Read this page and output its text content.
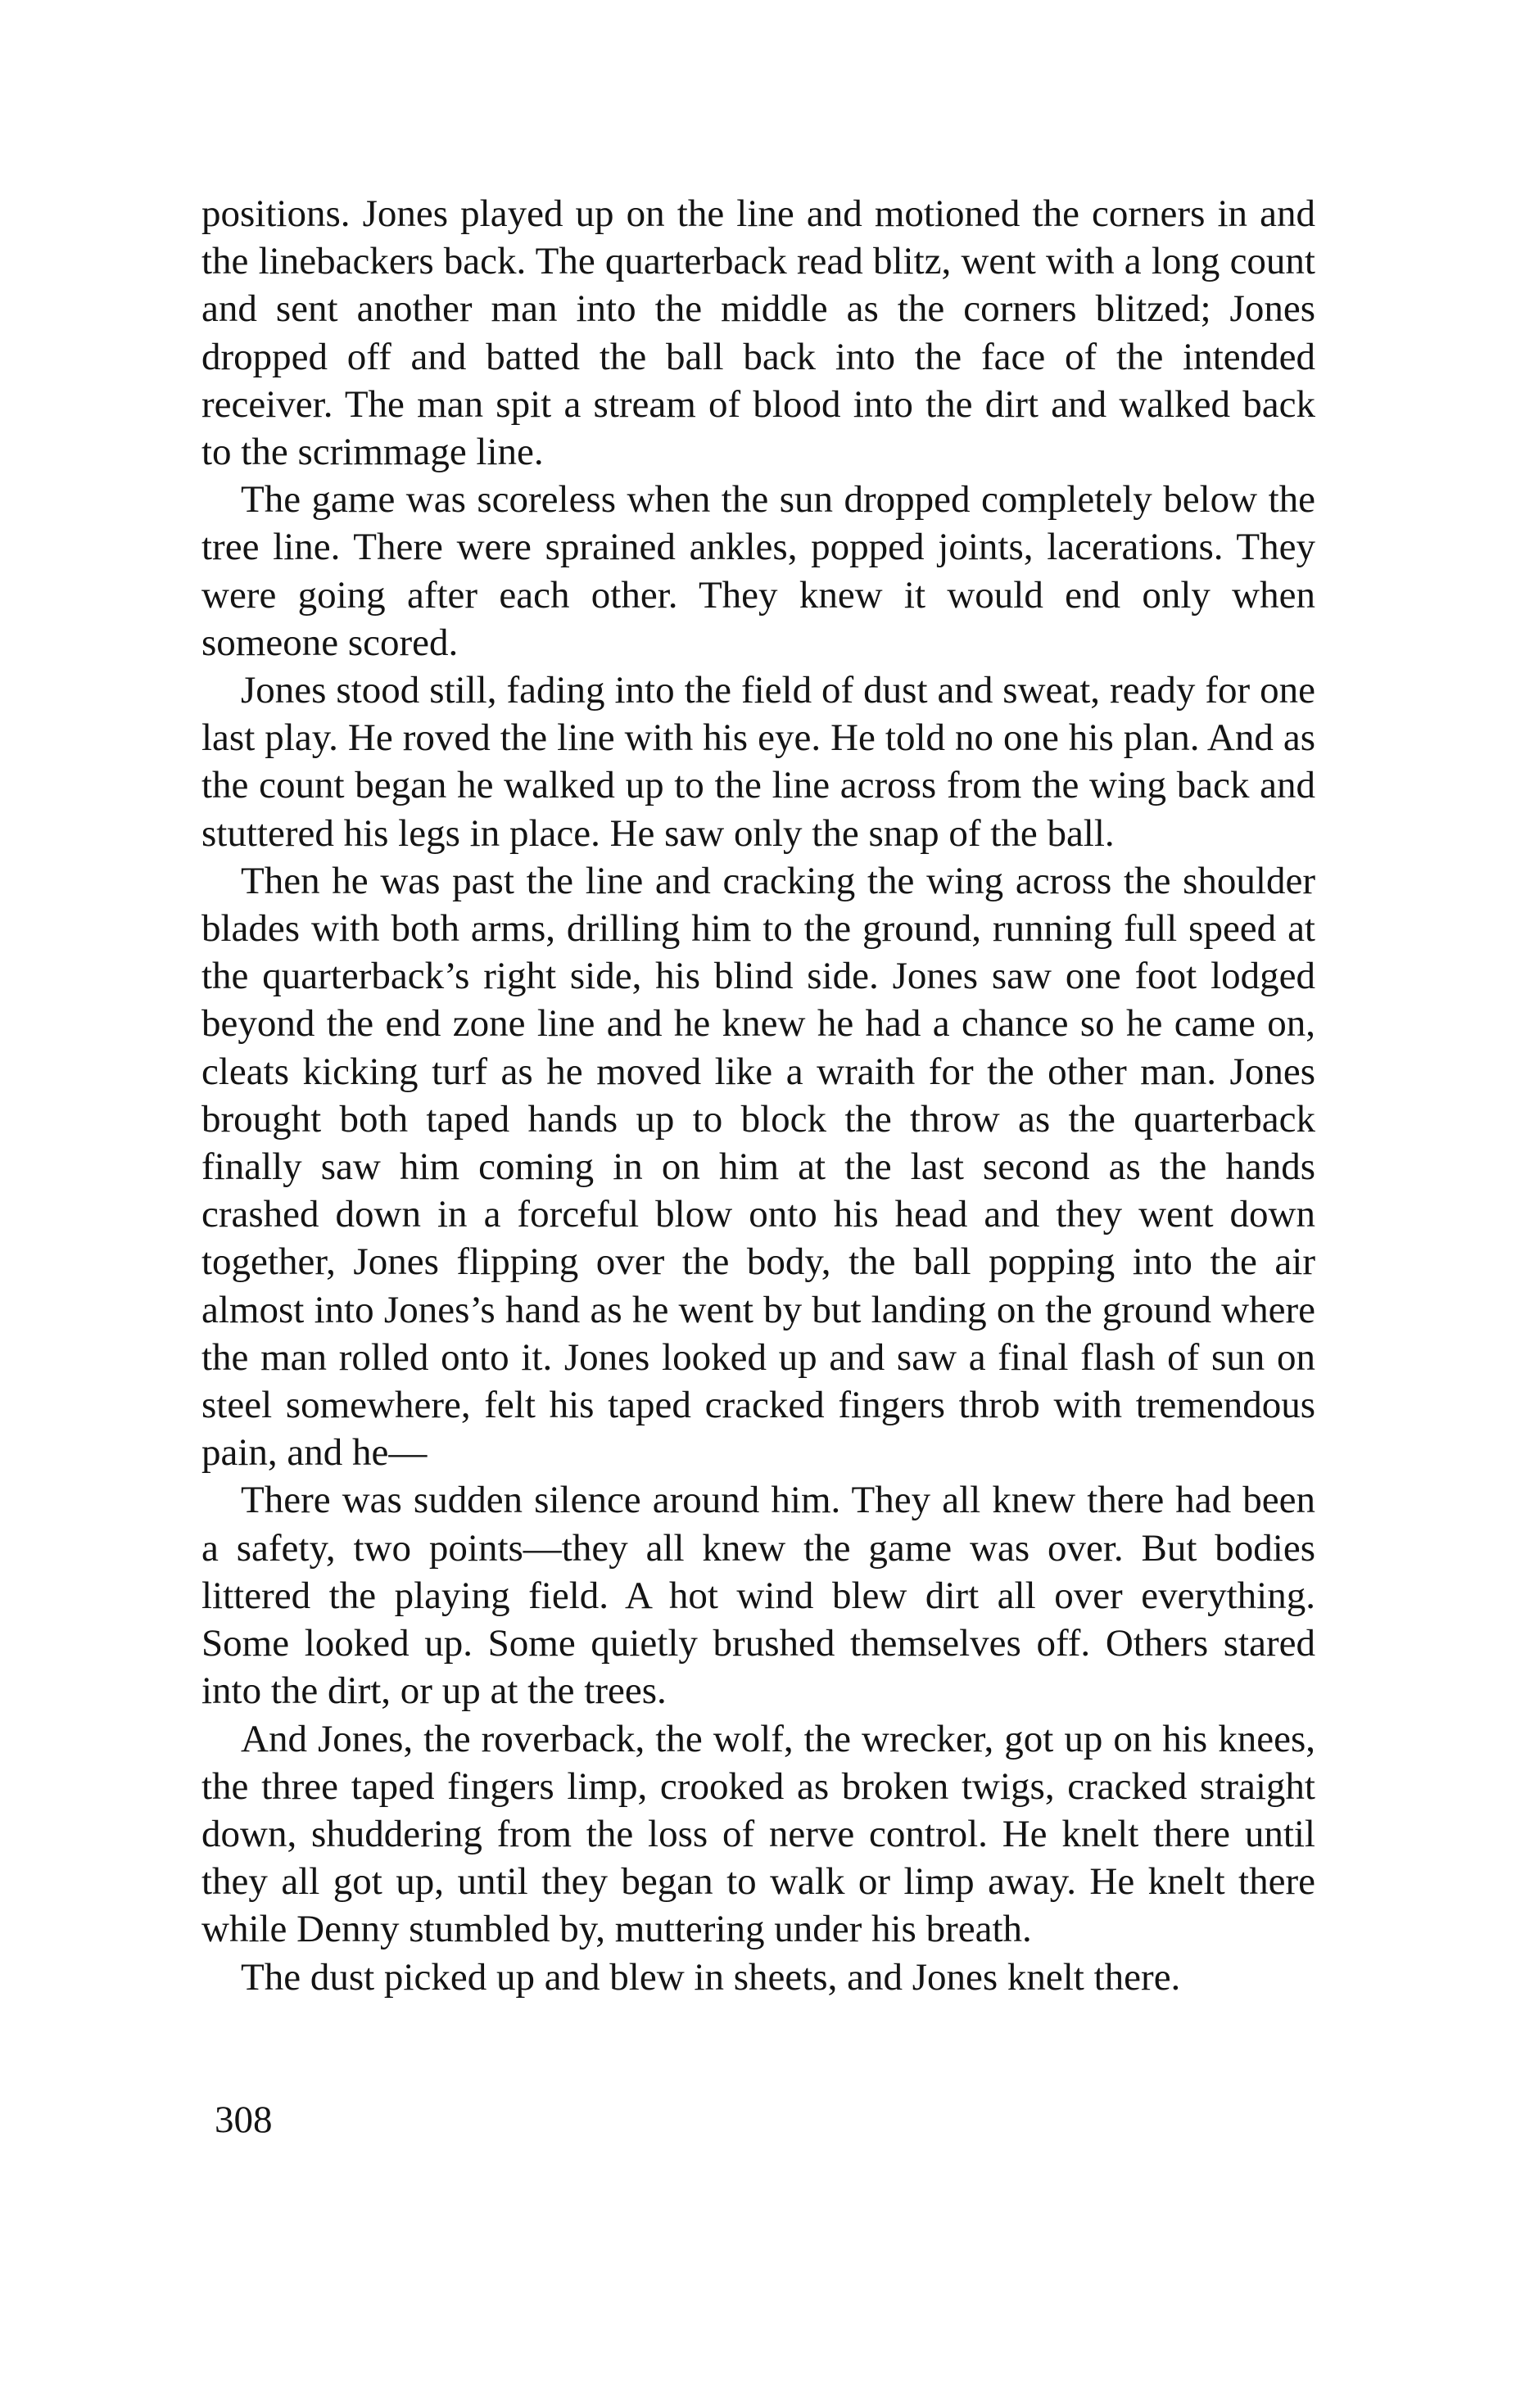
positions. Jones played up on the line and motioned the corners in and the linebackers back. The quarterback read blitz, went with a long count and sent another man into the middle as the corners blitzed; Jones dropped off and batted the ball back into the face of the intended receiver. The man spit a stream of blood into the dirt and walked back to the scrimmage line.

The game was scoreless when the sun dropped completely below the tree line. There were sprained ankles, popped joints, lacerations. They were going after each other. They knew it would end only when someone scored.

Jones stood still, fading into the field of dust and sweat, ready for one last play. He roved the line with his eye. He told no one his plan. And as the count began he walked up to the line across from the wing back and stuttered his legs in place. He saw only the snap of the ball.

Then he was past the line and cracking the wing across the shoulder blades with both arms, drilling him to the ground, running full speed at the quarterback’s right side, his blind side. Jones saw one foot lodged beyond the end zone line and he knew he had a chance so he came on, cleats kicking turf as he moved like a wraith for the other man. Jones brought both taped hands up to block the throw as the quarterback finally saw him coming in on him at the last second as the hands crashed down in a forceful blow onto his head and they went down together, Jones flipping over the body, the ball popping into the air almost into Jones’s hand as he went by but landing on the ground where the man rolled onto it. Jones looked up and saw a final flash of sun on steel somewhere, felt his taped cracked fingers throb with tremendous pain, and he—

There was sudden silence around him. They all knew there had been a safety, two points—they all knew the game was over. But bodies littered the playing field. A hot wind blew dirt all over everything. Some looked up. Some quietly brushed themselves off. Others stared into the dirt, or up at the trees.

And Jones, the roverback, the wolf, the wrecker, got up on his knees, the three taped fingers limp, crooked as broken twigs, cracked straight down, shuddering from the loss of nerve control. He knelt there until they all got up, until they began to walk or limp away. He knelt there while Denny stumbled by, muttering under his breath.

The dust picked up and blew in sheets, and Jones knelt there.

308
